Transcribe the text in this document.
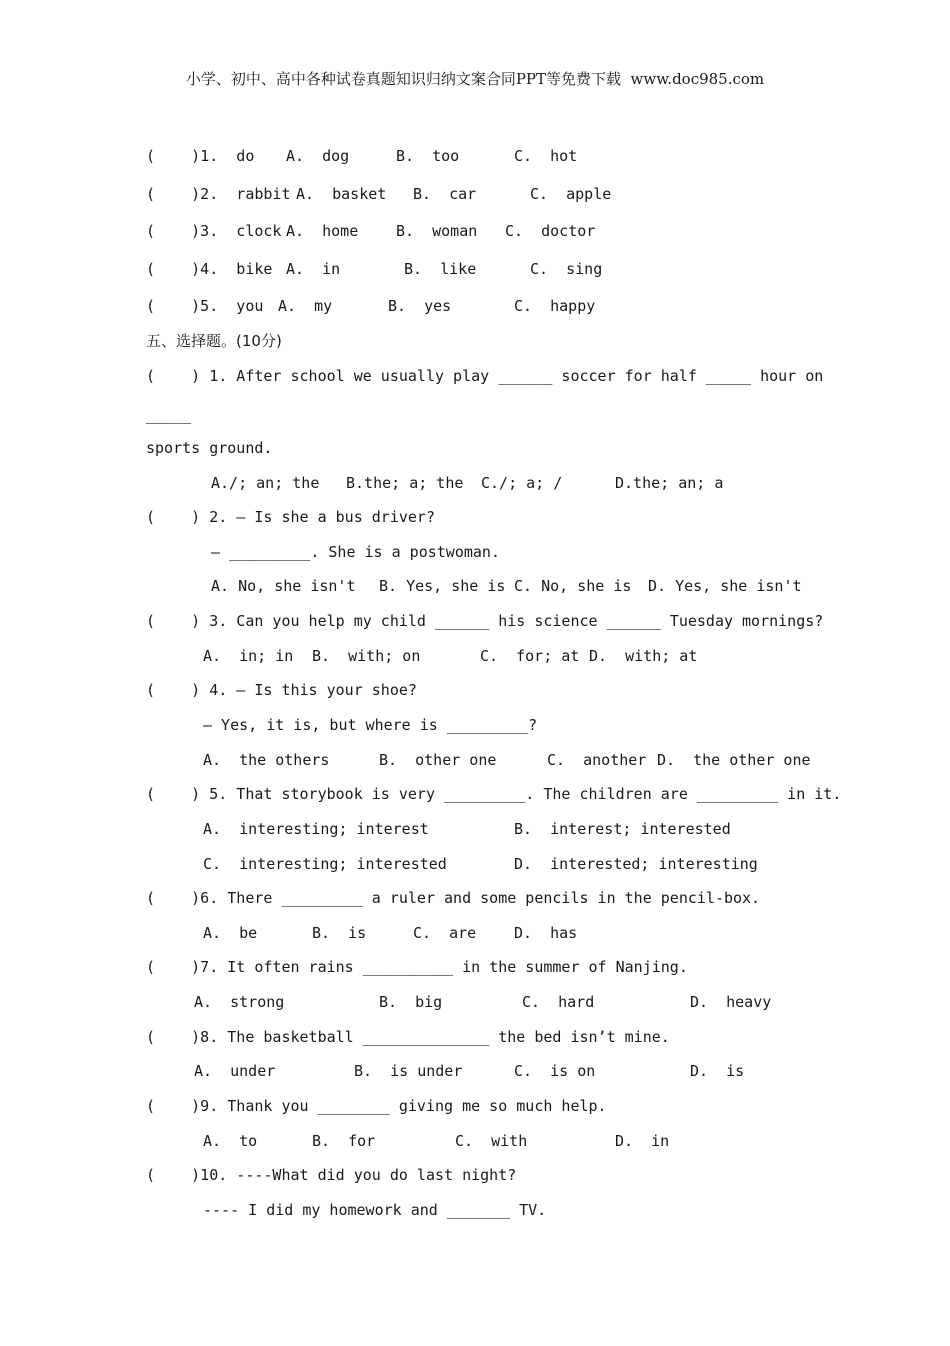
小学、初中、高中各种试卷真题知识归纳文案合同PPT等免费下载  www.doc985.com
(    )1.  do A.  dog	B.  too	C.  hot
(    )2.  rabbit A.  basket B.  car	C.  apple
(    )3.  clock A.  home	B.  woman C.  doctor
(    )4.  bike A.  in	B.  like	C.  sing
(    )5.  you A.  my	B.  yes	C.  happy
五、选择题。(10分)
(    ) 1. After school we usually play ______ soccer for half _____ hour on
_____
sports ground.
A./; an; the B.the; a; the C./; a; /	D.the; an; a
(    ) 2. — Is she a bus driver?
— _________. She is a postwoman.
A. No, she isn't B. Yes, she is C. No, she is D. Yes, she isn't
(    ) 3. Can you help my child ______ his science ______ Tuesday mornings?
A.  in; in B.  with; on	C.  for; at D.  with; at
(    ) 4. — Is this your shoe?
— Yes, it is, but where is _________?
A.  the others	B.  other one	C.  another D.  the other one
(    ) 5. That storybook is very _________. The children are _________ in it.
A.  interesting; interest	B.  interest; interested
C.  interesting; interested	D.  interested; interesting
(    )6. There _________ a ruler and some pencils in the pencil-box.
A.  be	B.  is	C.  are	D.  has
(    )7. It often rains __________ in the summer of Nanjing.
A.  strong	B.  big	C.  hard	D.  heavy
(    )8. The basketball ______________ the bed isn’t mine.
A.  under	B.  is under	C.  is on	D.  is
(    )9. Thank you ________ giving me so much help.
A.  to	B.  for	C.  with	D.  in
(    )10. ----What did you do last night?
---- I did my homework and _______ TV.
